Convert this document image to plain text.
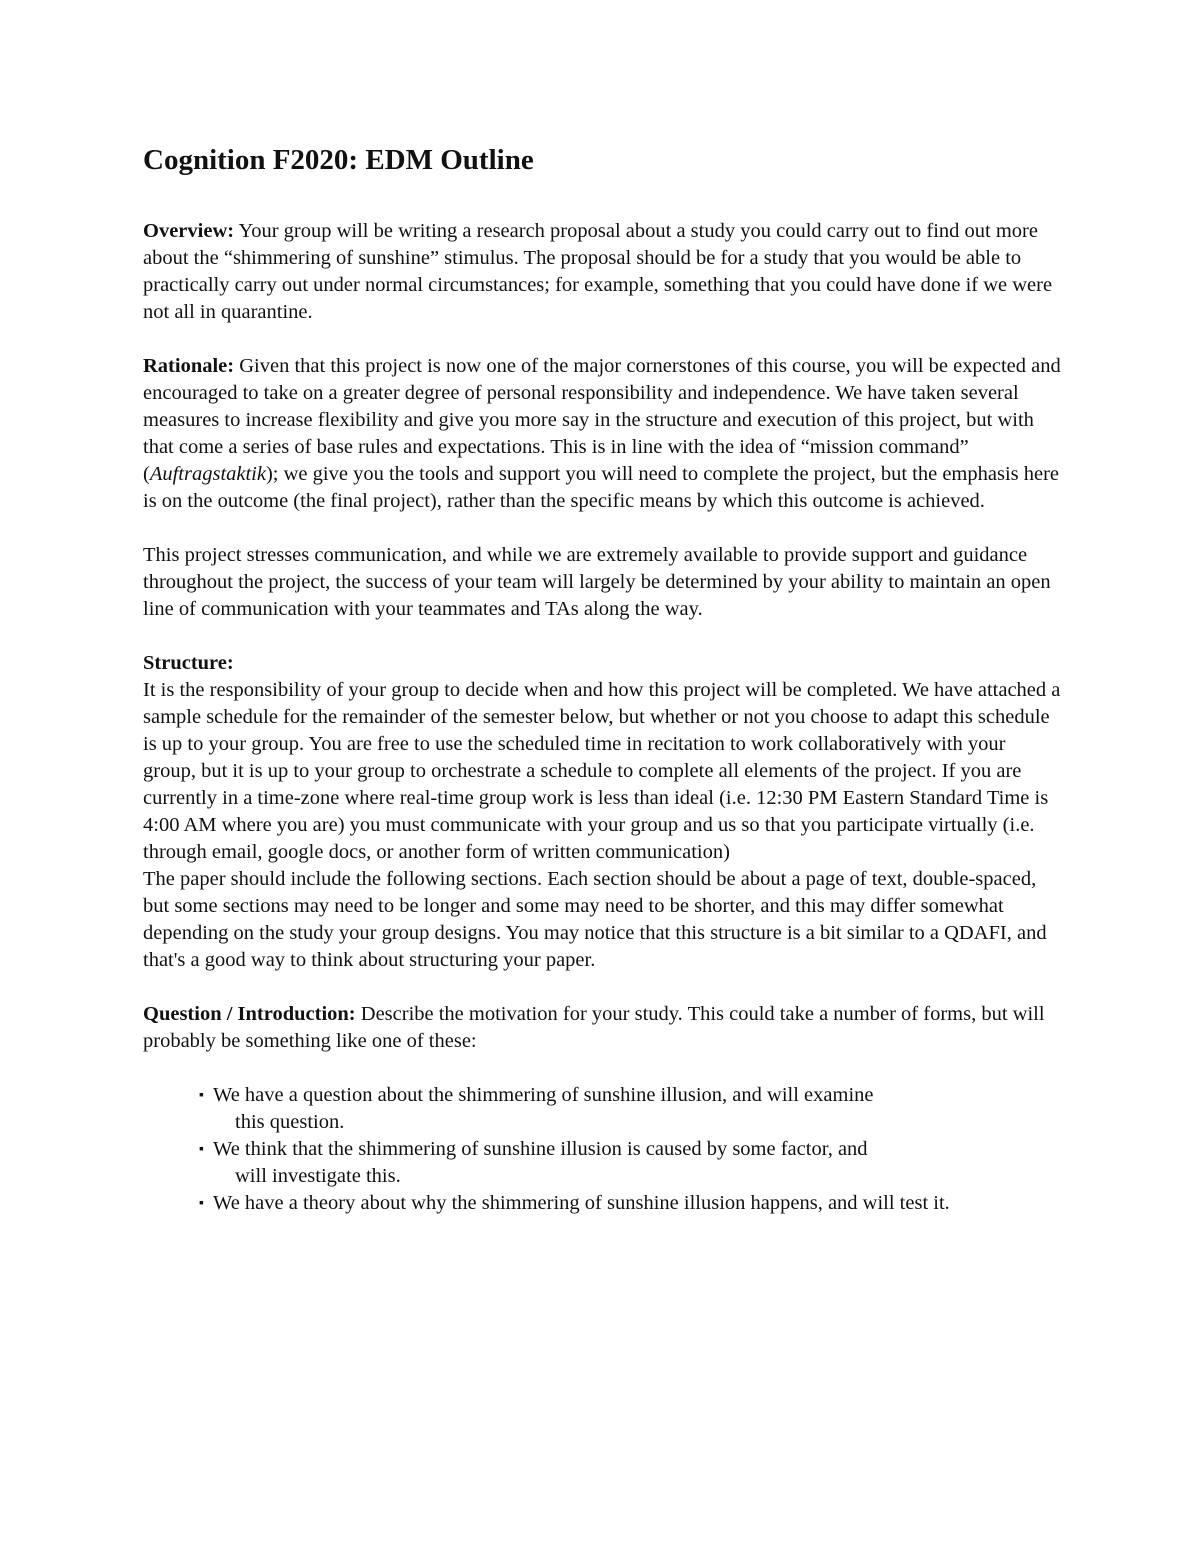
Cognition F2020: EDM Outline

Overview: Your group will be writing a research proposal about a study you could carry out to find out more about the “shimmering of sunshine” stimulus. The proposal should be for a study that you would be able to practically carry out under normal circumstances; for example, something that you could have done if we were not all in quarantine.

Rationale: Given that this project is now one of the major cornerstones of this course, you will be expected and encouraged to take on a greater degree of personal responsibility and independence. We have taken several measures to increase flexibility and give you more say in the structure and execution of this project, but with that come a series of base rules and expectations. This is in line with the idea of “mission command” (Auftragstaktik); we give you the tools and support you will need to complete the project, but the emphasis here is on the outcome (the final project), rather than the specific means by which this outcome is achieved.

This project stresses communication, and while we are extremely available to provide support and guidance throughout the project, the success of your team will largely be determined by your ability to maintain an open line of communication with your teammates and TAs along the way.

Structure:
It is the responsibility of your group to decide when and how this project will be completed. We have attached a sample schedule for the remainder of the semester below, but whether or not you choose to adapt this schedule is up to your group. You are free to use the scheduled time in recitation to work collaboratively with your group, but it is up to your group to orchestrate a schedule to complete all elements of the project. If you are currently in a time-zone where real-time group work is less than ideal (i.e. 12:30 PM Eastern Standard Time is 4:00 AM where you are) you must communicate with your group and us so that you participate virtually (i.e. through email, google docs, or another form of written communication)

The paper should include the following sections. Each section should be about a page of text, double-spaced, but some sections may need to be longer and some may need to be shorter, and this may differ somewhat depending on the study your group designs. You may notice that this structure is a bit similar to a QDAFI, and that's a good way to think about structuring your paper.

Question / Introduction: Describe the motivation for your study. This could take a number of forms, but will probably be something like one of these:

▪ We have a question about the shimmering of sunshine illusion, and will examine
this question.
▪ We think that the shimmering of sunshine illusion is caused by some factor, and
will investigate this.
▪ We have a theory about why the shimmering of sunshine illusion happens, and will test it.
